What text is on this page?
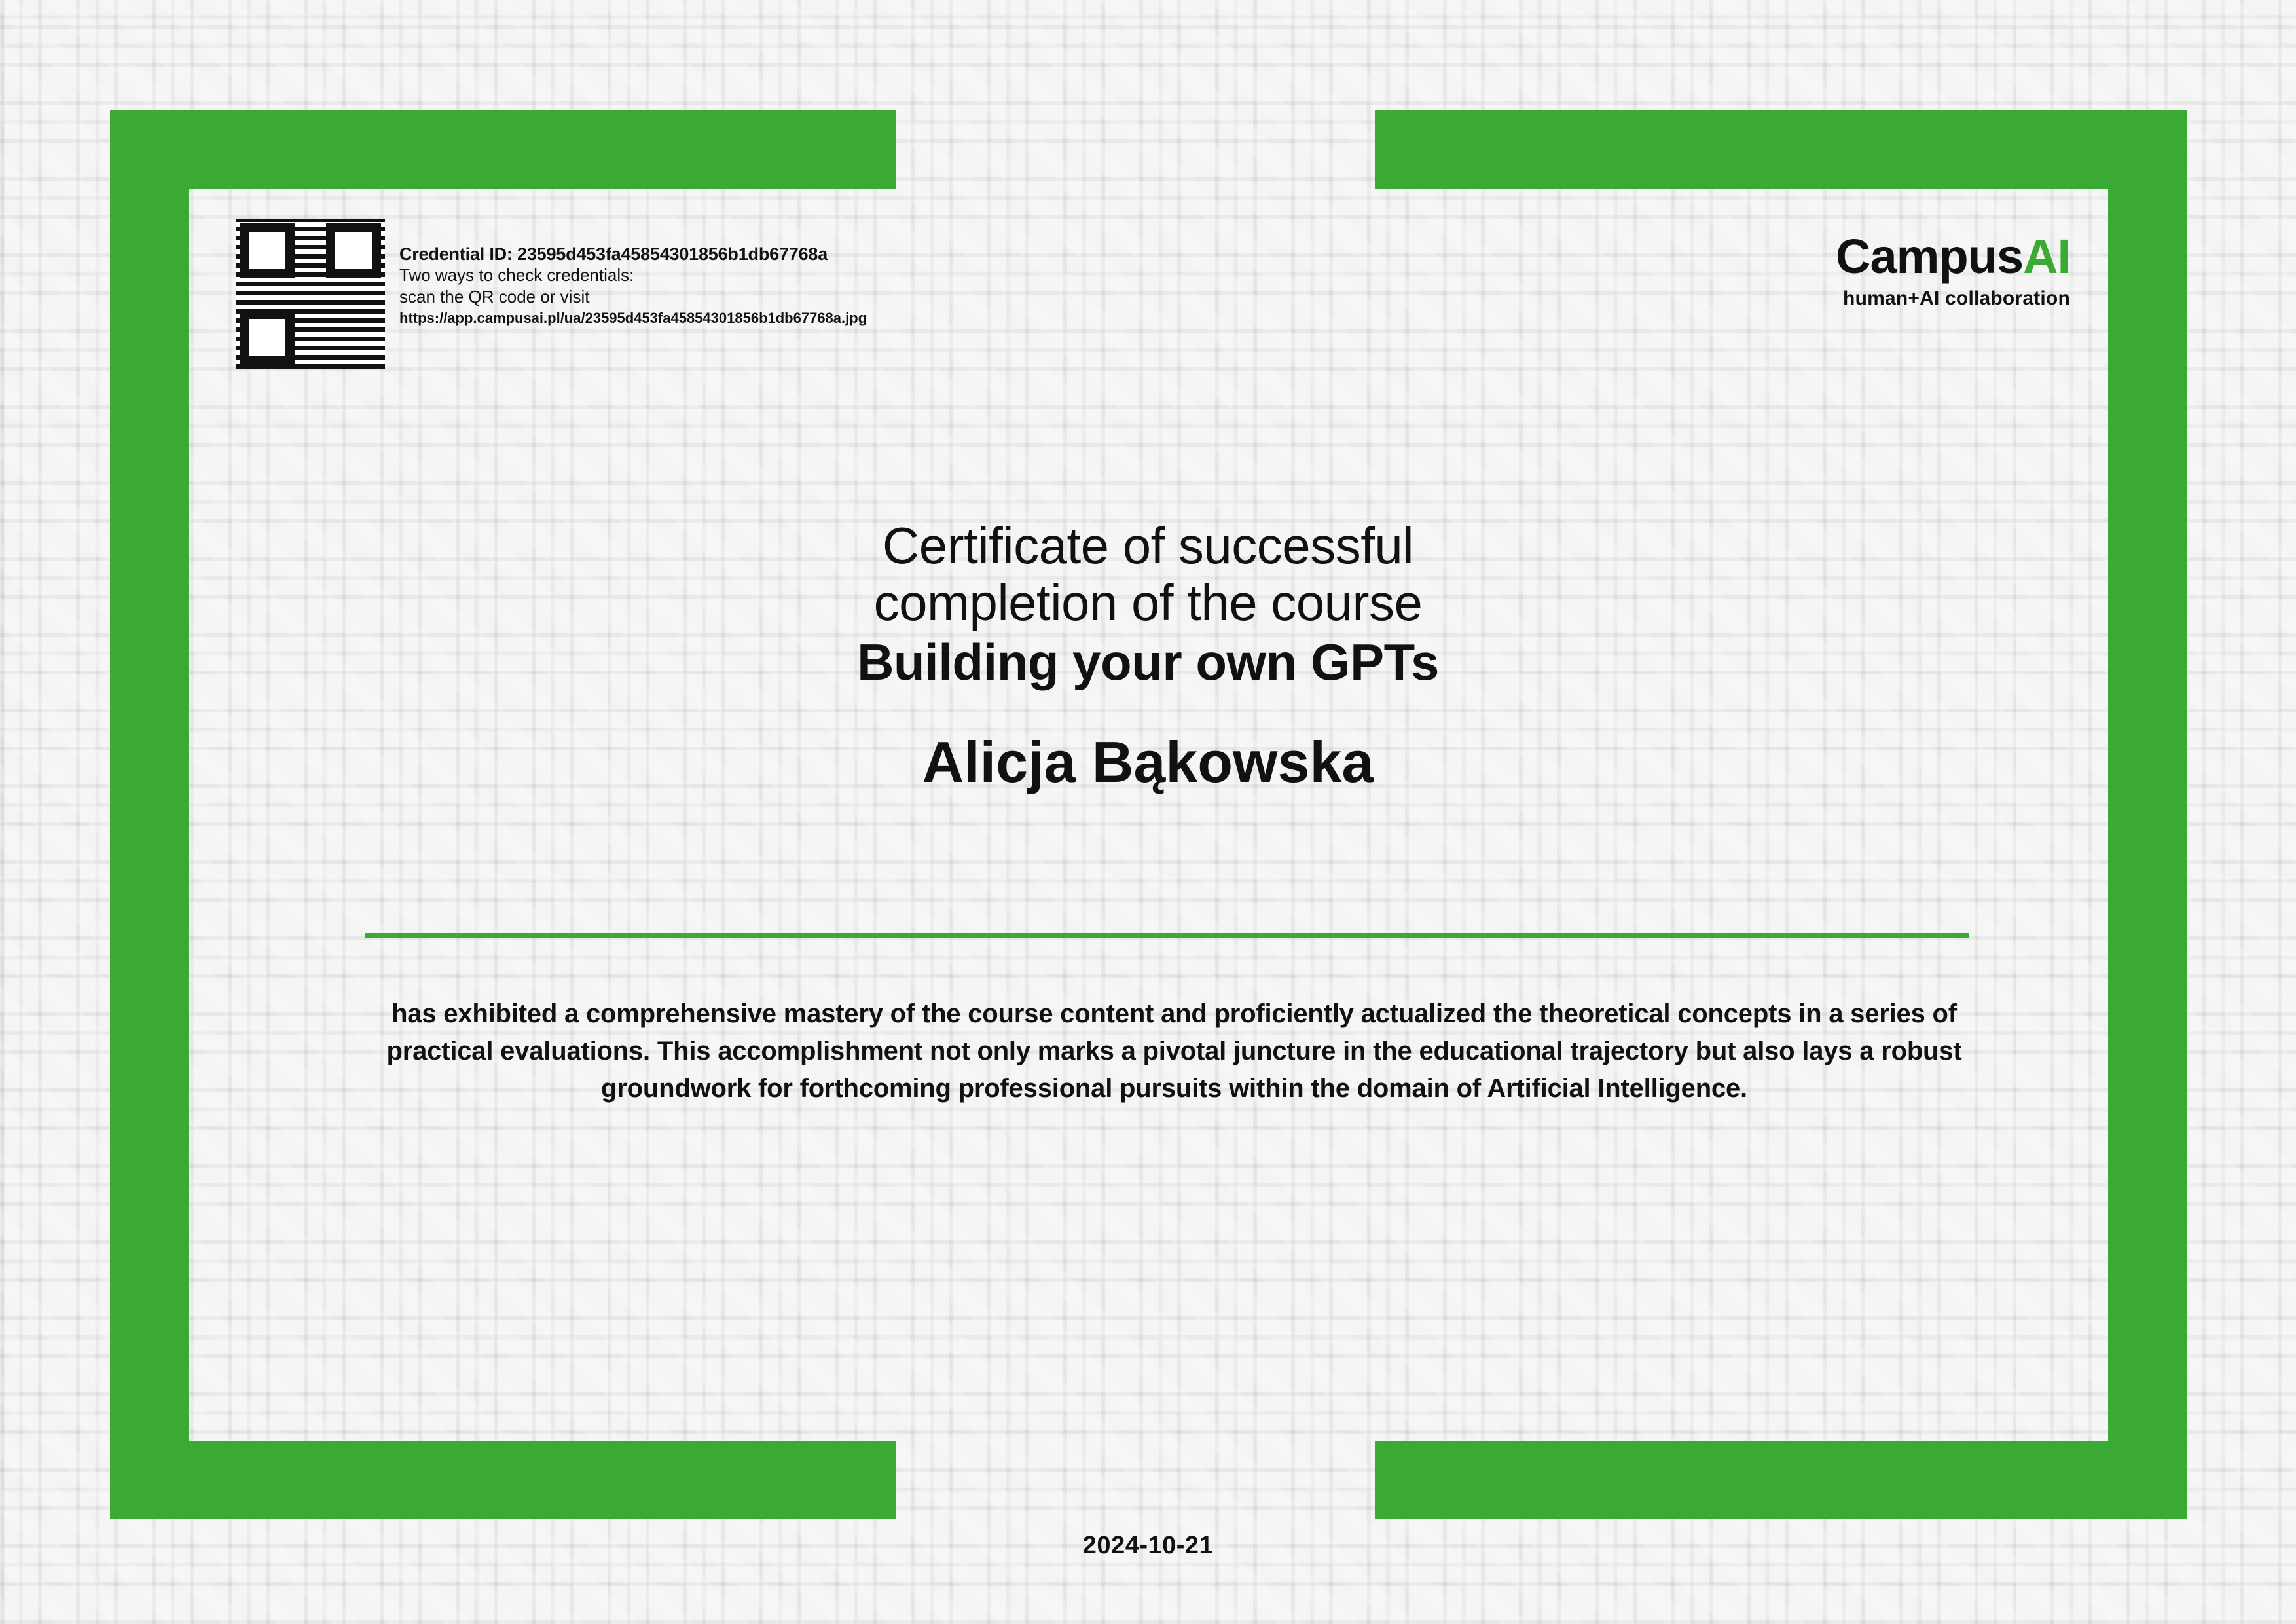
Credential ID: 23595d453fa45854301856b1db67768a
Two ways to check credentials:
scan the QR code or visit
https://app.campusai.pl/ua/23595d453fa45854301856b1db67768a.jpg
CampusAI
human+AI collaboration
Certificate of successful
completion of the course
Building your own GPTs
Alicja Bąkowska
has exhibited a comprehensive mastery of the course content and proficiently actualized the theoretical concepts in a series of practical evaluations. This accomplishment not only marks a pivotal juncture in the educational trajectory but also lays a robust groundwork for forthcoming professional pursuits within the domain of Artificial Intelligence.
2024-10-21
